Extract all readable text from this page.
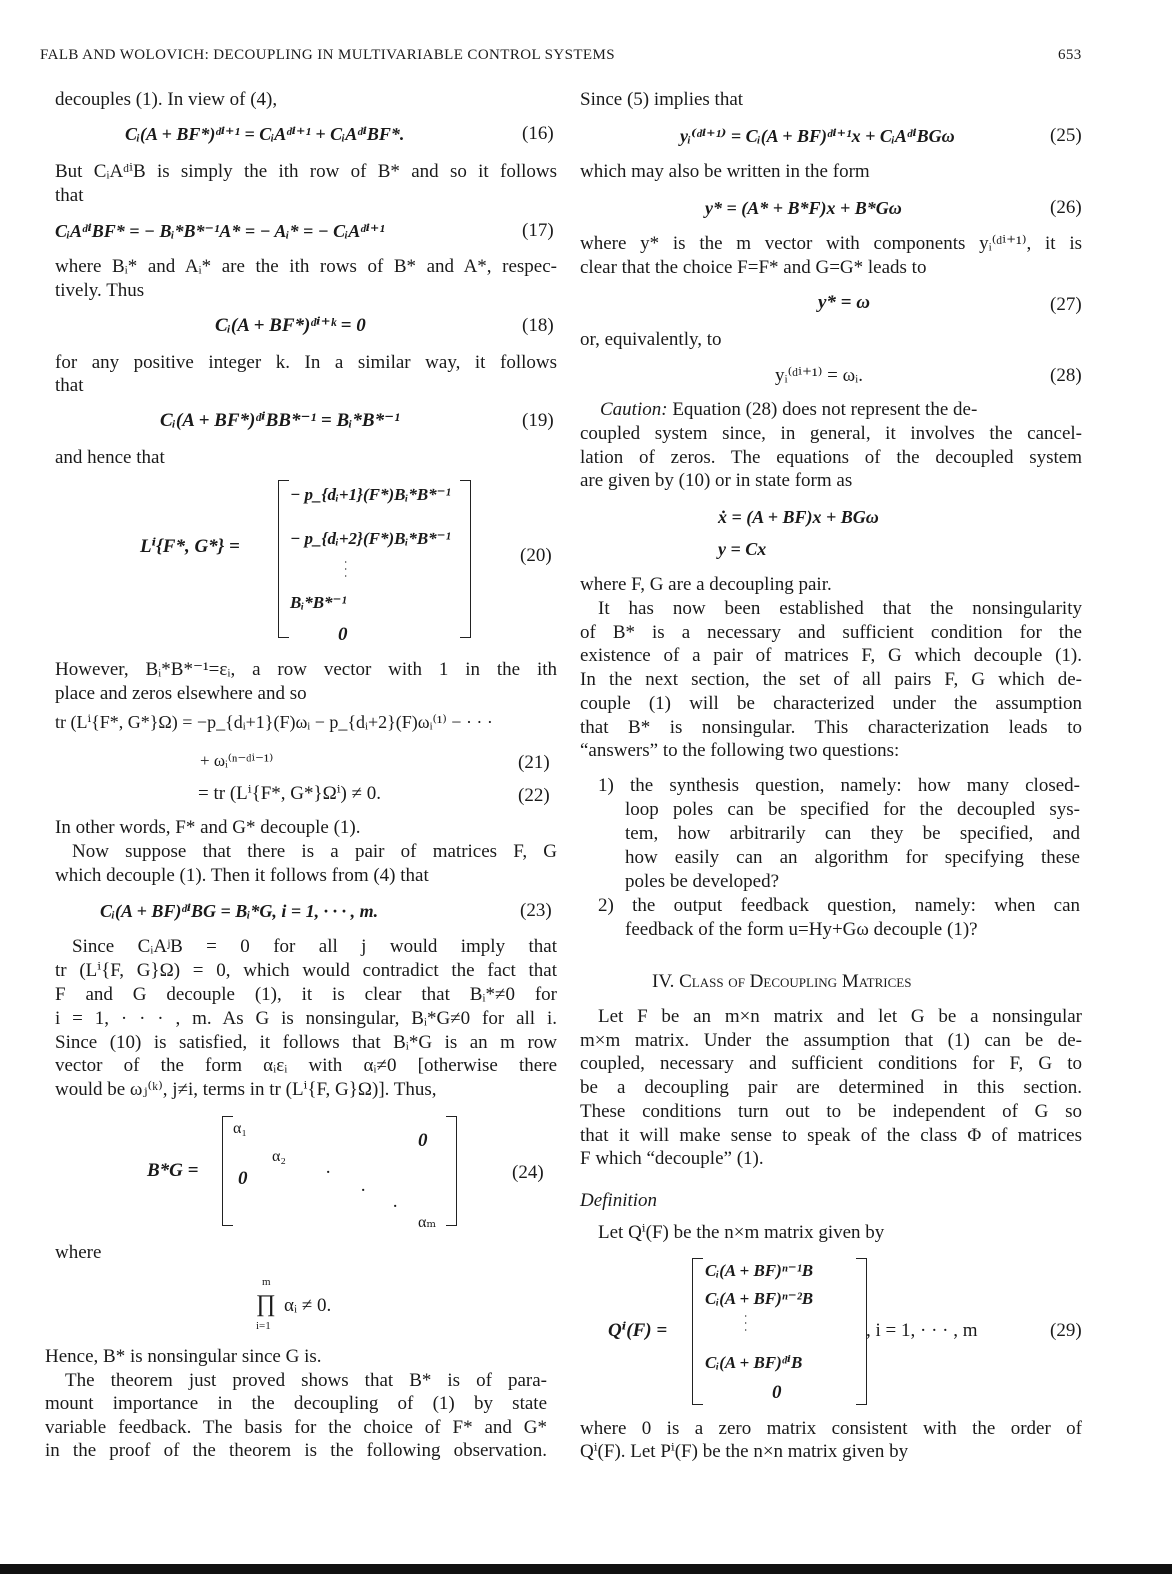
FALB AND WOLOVICH: DECOUPLING IN MULTIVARIABLE CONTROL SYSTEMS	653
decouples (1). In view of (4),
Cᵢ(A + BF*)ᵈⁱ⁺¹ = CᵢAᵈⁱ⁺¹ + CᵢAᵈⁱBF*.	(16)
But CᵢAᵈⁱB is simply the ith row of B* and so it follows
that
CᵢAᵈⁱBF* = − Bᵢ*B*⁻¹A* = − Aᵢ* = − CᵢAᵈⁱ⁺¹	(17)
where Bᵢ* and Aᵢ* are the ith rows of B* and A*, respec-
tively. Thus
Cᵢ(A + BF*)ᵈⁱ⁺ᵏ = 0	(18)
for any positive integer k. In a similar way, it follows
that
Cᵢ(A + BF*)ᵈⁱBB*⁻¹ = Bᵢ*B*⁻¹	(19)
and hence that
Lⁱ{F*, G*} =
− p_{dᵢ+1}(F*)Bᵢ*B*⁻¹
− p_{dᵢ+2}(F*)Bᵢ*B*⁻¹
· · ·
Bᵢ*B*⁻¹
0
(20)
However, Bᵢ*B*⁻¹=εᵢ, a row vector with 1 in the ith
place and zeros elsewhere and so
tr (Lⁱ{F*, G*}Ω) = −p_{dᵢ+1}(F)ωᵢ − p_{dᵢ+2}(F)ωᵢ⁽¹⁾ − · · ·
+ ωᵢ⁽ⁿ⁻ᵈⁱ⁻¹⁾	(21)
= tr (Lⁱ{F*, G*}Ωⁱ) ≠ 0.	(22)
In other words, F* and G* decouple (1).
Now suppose that there is a pair of matrices F, G
which decouple (1). Then it follows from (4) that
Cᵢ(A + BF)ᵈⁱBG = Bᵢ*G, i = 1, · · · , m.	(23)
Since CᵢAʲB = 0 for all j would imply that
tr (Lⁱ{F, G}Ω) = 0, which would contradict the fact that
F and G decouple (1), it is clear that Bᵢ*≠0 for
i = 1, · · · , m. As G is nonsingular, Bᵢ*G≠0 for all i.
Since (10) is satisfied, it follows that Bᵢ*G is an m row
vector of the form αᵢεᵢ with αᵢ≠0 [otherwise there
would be ωⱼ⁽ᵏ⁾, j≠i, terms in tr (Lⁱ{F, G}Ω)]. Thus,
B*G =
α₁
0
α₂
0	·
·
·
αₘ
(24)
where
m
∏
i=1
αᵢ ≠ 0.
Hence, B* is nonsingular since G is.
The theorem just proved shows that B* is of para-
mount importance in the decoupling of (1) by state
variable feedback. The basis for the choice of F* and G*
in the proof of the theorem is the following observation.
Since (5) implies that
yᵢ⁽ᵈⁱ⁺¹⁾ = Cᵢ(A + BF)ᵈⁱ⁺¹x + CᵢAᵈⁱBGω	(25)
which may also be written in the form
y* = (A* + B*F)x + B*Gω	(26)
where y* is the m vector with components yᵢ⁽ᵈⁱ⁺¹⁾, it is
clear that the choice F=F* and G=G* leads to
y* = ω	(27)
or, equivalently, to
yᵢ⁽ᵈⁱ⁺¹⁾ = ωᵢ.	(28)
Caution: Equation (28) does not represent the de-
coupled system since, in general, it involves the cancel-
lation of zeros. The equations of the decoupled system
are given by (10) or in state form as
ẋ = (A + BF)x + BGω
y = Cx
where F, G are a decoupling pair.
It has now been established that the nonsingularity
of B* is a necessary and sufficient condition for the
existence of a pair of matrices F, G which decouple (1).
In the next section, the set of all pairs F, G which de-
couple (1) will be characterized under the assumption
that B* is nonsingular. This characterization leads to
“answers” to the following two questions:
1) the synthesis question, namely: how many closed-
loop poles can be specified for the decoupled sys-
tem, how arbitrarily can they be specified, and
how easily can an algorithm for specifying these
poles be developed?
2) the output feedback question, namely: when can
feedback of the form u=Hy+Gω decouple (1)?
IV. Class of Decoupling Matrices
Let F be an m×n matrix and let G be a nonsingular
m×m matrix. Under the assumption that (1) can be de-
coupled, necessary and sufficient conditions for F, G to
be a decoupling pair are determined in this section.
These conditions turn out to be independent of G so
that it will make sense to speak of the class Φ of matrices
F which “decouple” (1).
Definition
Let Qⁱ(F) be the n×m matrix given by
Qⁱ(F) =
Cᵢ(A + BF)ⁿ⁻¹B
Cᵢ(A + BF)ⁿ⁻²B
· · ·
Cᵢ(A + BF)ᵈⁱB
0
, i = 1, · · · , m	(29)
where 0 is a zero matrix consistent with the order of
Qⁱ(F). Let Pⁱ(F) be the n×n matrix given by
